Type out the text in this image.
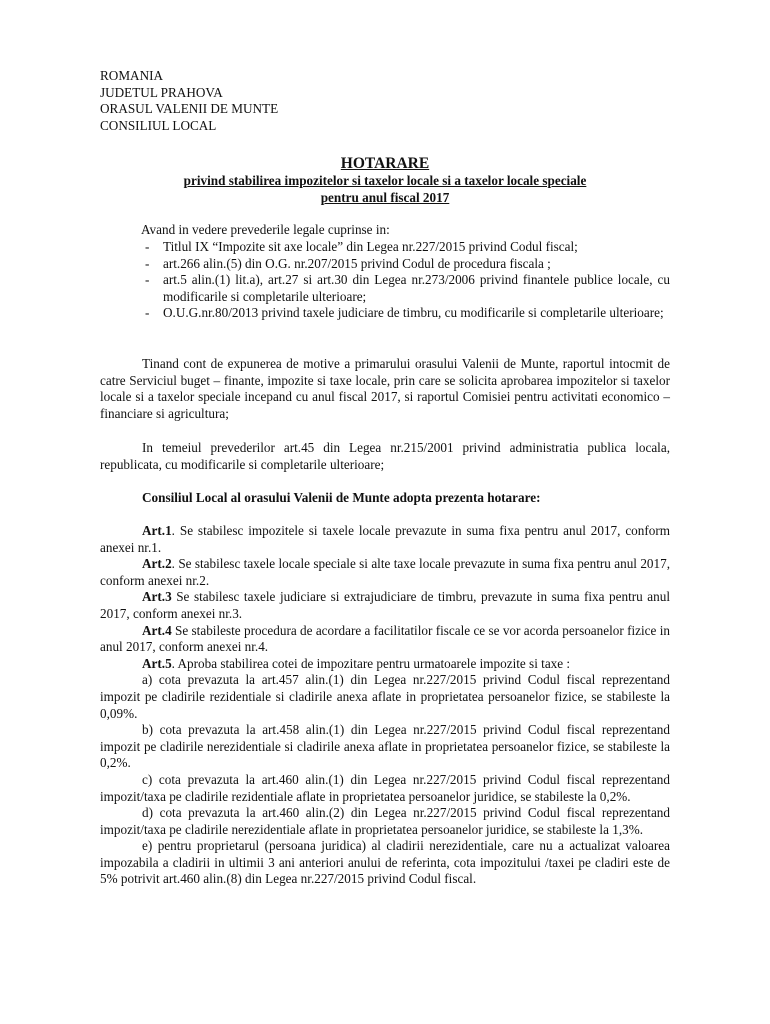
ROMANIA
JUDETUL PRAHOVA
ORASUL VALENII DE MUNTE
CONSILIUL LOCAL
HOTARARE
privind stabilirea impozitelor si taxelor locale si a taxelor locale speciale
pentru anul fiscal 2017
Avand in vedere prevederile legale cuprinse in:
- Titlul IX “Impozite sit axe locale” din Legea nr.227/2015 privind Codul fiscal;
- art.266 alin.(5) din O.G. nr.207/2015 privind Codul de procedura fiscala ;
- art.5 alin.(1) lit.a), art.27 si art.30 din Legea nr.273/2006 privind finantele publice locale, cu modificarile si completarile ulterioare;
- O.U.G.nr.80/2013 privind taxele judiciare de timbru, cu modificarile si completarile ulterioare;
Tinand cont de expunerea de motive a primarului orasului Valenii de Munte, raportul intocmit de catre Serviciul buget – finante, impozite si taxe locale, prin care se solicita aprobarea impozitelor si taxelor locale si a taxelor speciale incepand cu anul fiscal 2017, si raportul Comisiei pentru activitati economico – financiare si agricultura;
In temeiul prevederilor art.45 din Legea nr.215/2001 privind administratia publica locala, republicata, cu modificarile si completarile ulterioare;
Consiliul Local al orasului Valenii de Munte adopta prezenta hotarare:
Art.1. Se stabilesc impozitele si taxele locale prevazute in suma fixa pentru anul 2017, conform anexei nr.1.
Art.2. Se stabilesc taxele locale speciale si alte taxe locale prevazute in suma fixa pentru anul 2017, conform anexei nr.2.
Art.3 Se stabilesc taxele judiciare si extrajudiciare de timbru, prevazute in suma fixa pentru anul 2017, conform anexei nr.3.
Art.4 Se stabileste procedura de acordare a facilitatilor fiscale ce se vor acorda persoanelor fizice in anul 2017, conform anexei nr.4.
Art.5. Aproba stabilirea cotei de impozitare pentru urmatoarele impozite si taxe :
a) cota prevazuta la art.457 alin.(1) din Legea nr.227/2015 privind Codul fiscal reprezentand impozit pe cladirile rezidentiale si cladirile anexa aflate in proprietatea persoanelor fizice, se stabileste la 0,09%.
b) cota prevazuta la art.458 alin.(1) din Legea nr.227/2015 privind Codul fiscal reprezentand impozit pe cladirile nerezidentiale si cladirile anexa aflate in proprietatea persoanelor fizice, se stabileste la 0,2%.
c) cota prevazuta la art.460 alin.(1) din Legea nr.227/2015 privind Codul fiscal reprezentand impozit/taxa pe cladirile rezidentiale aflate in proprietatea persoanelor juridice, se stabileste la 0,2%.
d) cota prevazuta la art.460 alin.(2) din Legea nr.227/2015 privind Codul fiscal reprezentand impozit/taxa pe cladirile nerezidentiale aflate in proprietatea persoanelor juridice, se stabileste la 1,3%.
e) pentru proprietarul (persoana juridica) al cladirii nerezidentiale, care nu a actualizat valoarea impozabila a cladirii in ultimii 3 ani anteriori anului de referinta, cota impozitului /taxei pe cladiri este de 5% potrivit art.460 alin.(8) din Legea nr.227/2015 privind Codul fiscal.
